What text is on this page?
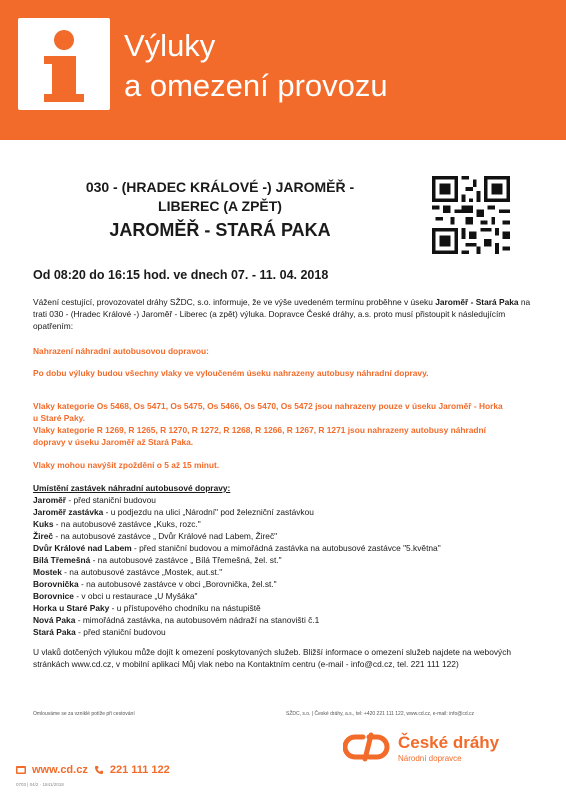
Výluky
a omezení provozu
030 - (HRADEC KRÁLOVÉ -) JAROMĚŘ -
LIBEREC (A ZPĚT)
JAROMĚŘ - STARÁ PAKA
Od 08:20 do 16:15 hod. ve dnech 07. - 11. 04. 2018
Vážení cestující, provozovatel dráhy SŽDC, s.o. informuje, že ve výše uvedeném termínu proběhne v úseku Jaroměř - Stará Paka na trati 030 - (Hradec Králové -) Jaroměř - Liberec (a zpět) výluka. Dopravce České dráhy, a.s. proto musí přistoupit k následujícím opatřením:
Nahrazení náhradní autobusovou dopravou:
Po dobu výluky budou všechny vlaky ve vyloučeném úseku nahrazeny autobusy náhradní dopravy.
Vlaky kategorie Os 5468, Os 5471, Os 5475, Os 5466, Os 5470, Os 5472 jsou nahrazeny pouze v úseku Jaroměř - Horka u Staré Paky.
Vlaky kategorie R 1269, R 1265, R 1270, R 1272, R 1268, R 1266, R 1267, R 1271 jsou nahrazeny autobusy náhradní dopravy v úseku Jaroměř až Stará Paka.
Vlaky mohou navýšit zpoždění o 5 až 15 minut.
Umístění zastávek náhradní autobusové dopravy:
Jaroměř - před staniční budovou
Jaroměř zastávka - u podjezdu na ulici „Národní" pod železniční zastávkou
Kuks - na autobusové zastávce „Kuks, rozc."
Žireč - na autobusové zastávce „ Dvůr Králové nad Labem, Žireč"
Dvůr Králové nad Labem - před staniční budovou a mimořádná zastávka na autobusové zastávce "5.května"
Bílá Třemešná - na autobusové zastávce „ Bílá Třemešná, žel. st."
Mostek - na autobusové zastávce „Mostek, aut.st."
Borovnička - na autobusové zastávce v obci „Borovnička, žel.st."
Borovnice - v obci u restaurace „U Myšáka"
Horka u Staré Paky - u přístupového chodníku na nástupiště
Nová Paka - mimořádná zastávka, na autobusovém nádraží na stanovišti č.1
Stará Paka - před staniční budovou
U vlaků dotčených výlukou může dojít k omezení poskytovaných služeb. Bližší informace o omezení služeb najdete na webových stránkách www.cd.cz, v mobilní aplikaci Můj vlak nebo na Kontaktním centru (e-mail - info@cd.cz, tel. 221 111 122)
Omlouváme se za vzniklé potíže při cestování	SŽDC, s.o. | České dráhy, a.s., tel: +420 221 111 122, www.cd.cz, e-mail: info@cd.cz
České dráhy
Národní dopravce
www.cd.cz 221 111 122
0703 | 04/2 · 1841/2018
